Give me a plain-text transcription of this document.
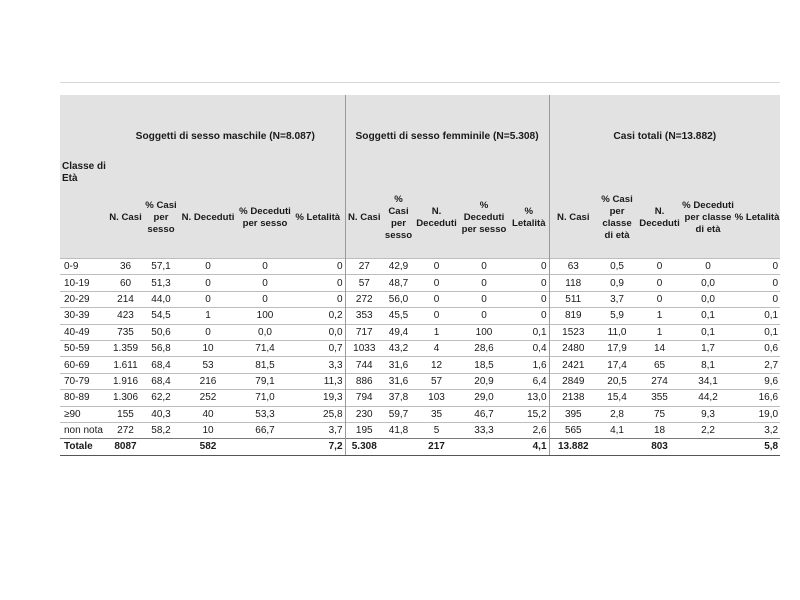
Classe di Età	Soggetti di sesso maschile (N=8.087)					Soggetti di sesso femminile (N=5.308)					Casi totali (N=13.882)				
	N. Casi	% Casi per sesso	N. Deceduti	% Deceduti per sesso	% Letalità	N. Casi	% Casi per sesso	N. Deceduti	% Deceduti per sesso	% Letalità	N. Casi	% Casi per classe di età	N. Deceduti	% Deceduti per classe di età	% Letalità
0-9	36	57,1	0	0	0	27	42,9	0	0	0	63	0,5	0	0	0
10-19	60	51,3	0	0	0	57	48,7	0	0	0	118	0,9	0	0,0	0
20-29	214	44,0	0	0	0	272	56,0	0	0	0	511	3,7	0	0,0	0
30-39	423	54,5	1	100	0,2	353	45,5	0	0	0	819	5,9	1	0,1	0,1
40-49	735	50,6	0	0,0	0,0	717	49,4	1	100	0,1	1523	11,0	1	0,1	0,1
50-59	1.359	56,8	10	71,4	0,7	1033	43,2	4	28,6	0,4	2480	17,9	14	1,7	0,6
60-69	1.611	68,4	53	81,5	3,3	744	31,6	12	18,5	1,6	2421	17,4	65	8,1	2,7
70-79	1.916	68,4	216	79,1	11,3	886	31,6	57	20,9	6,4	2849	20,5	274	34,1	9,6
80-89	1.306	62,2	252	71,0	19,3	794	37,8	103	29,0	13,0	2138	15,4	355	44,2	16,6
≥90	155	40,3	40	53,3	25,8	230	59,7	35	46,7	15,2	395	2,8	75	9,3	19,0
non nota	272	58,2	10	66,7	3,7	195	41,8	5	33,3	2,6	565	4,1	18	2,2	3,2
Totale	8087		582		7,2	5.308		217		4,1	13.882		803		5,8
